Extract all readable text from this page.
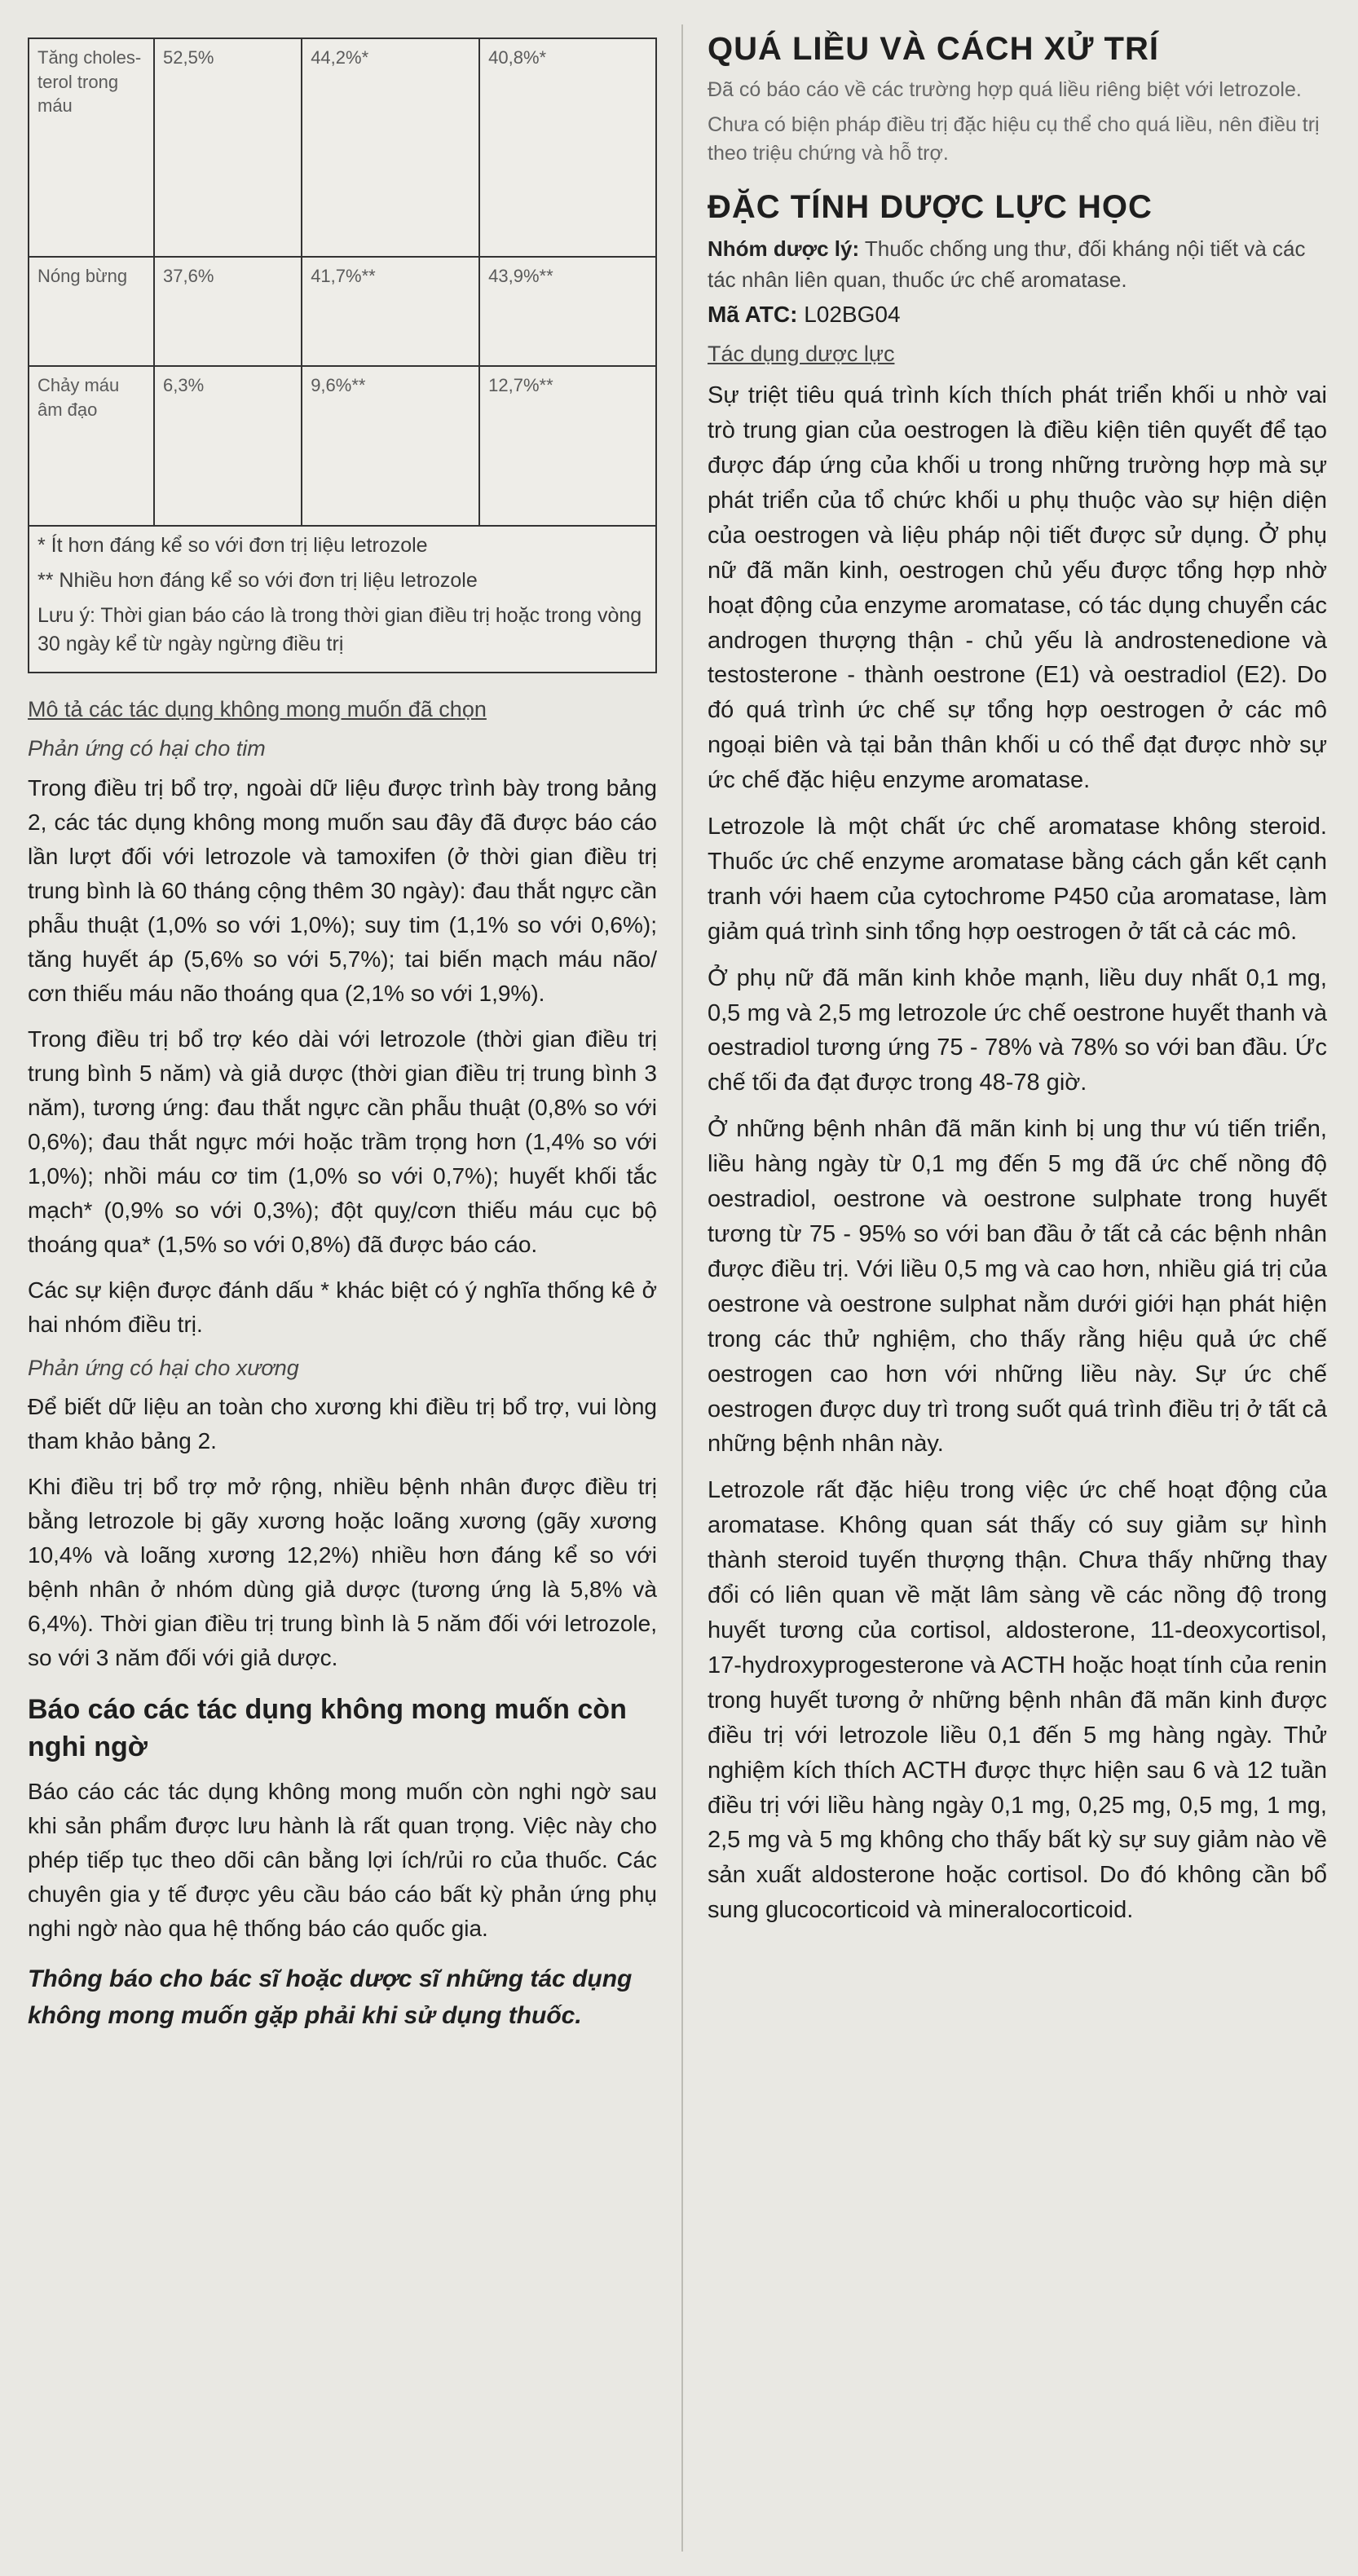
Tăng choles-terol trong máu	52,5%	44,2%*	40,8%*
Nóng bừng	37,6%	41,7%**	43,9%**
Chảy máu âm đạo	6,3%	9,6%**	12,7%**

* Ít hơn đáng kể so với đơn trị liệu letrozole

** Nhiều hơn đáng kể so với đơn trị liệu letrozole

Lưu ý: Thời gian báo cáo là trong thời gian điều trị hoặc trong vòng 30 ngày kể từ ngày ngừng điều trị

Mô tả các tác dụng không mong muốn đã chọn
Phản ứng có hại cho tim

Trong điều trị bổ trợ, ngoài dữ liệu được trình bày trong bảng 2, các tác dụng không mong muốn sau đây đã được báo cáo lần lượt đối với letrozole và tamoxifen (ở thời gian điều trị trung bình là 60 tháng cộng thêm 30 ngày): đau thắt ngực cần phẫu thuật (1,0% so với 1,0%); suy tim (1,1% so với 0,6%); tăng huyết áp (5,6% so với 5,7%); tai biến mạch máu não/ cơn thiếu máu não thoáng qua (2,1% so với 1,9%).

Trong điều trị bổ trợ kéo dài với letrozole (thời gian điều trị trung bình 5 năm) và giả dược (thời gian điều trị trung bình 3 năm), tương ứng: đau thắt ngực cần phẫu thuật (0,8% so với 0,6%); đau thắt ngực mới hoặc trầm trọng hơn (1,4% so với 1,0%); nhồi máu cơ tim (1,0% so với 0,7%); huyết khối tắc mạch* (0,9% so với 0,3%); đột quỵ/cơn thiếu máu cục bộ thoáng qua* (1,5% so với 0,8%) đã được báo cáo.

Các sự kiện được đánh dấu * khác biệt có ý nghĩa thống kê ở hai nhóm điều trị.

Phản ứng có hại cho xương

Để biết dữ liệu an toàn cho xương khi điều trị bổ trợ, vui lòng tham khảo bảng 2.

Khi điều trị bổ trợ mở rộng, nhiều bệnh nhân được điều trị bằng letrozole bị gãy xương hoặc loãng xương (gãy xương 10,4% và loãng xương 12,2%) nhiều hơn đáng kể so với bệnh nhân ở nhóm dùng giả dược (tương ứng là 5,8% và 6,4%). Thời gian điều trị trung bình là 5 năm đối với letrozole, so với 3 năm đối với giả dược.

Báo cáo các tác dụng không mong muốn còn nghi ngờ

Báo cáo các tác dụng không mong muốn còn nghi ngờ sau khi sản phẩm được lưu hành là rất quan trọng. Việc này cho phép tiếp tục theo dõi cân bằng lợi ích/rủi ro của thuốc. Các chuyên gia y tế được yêu cầu báo cáo bất kỳ phản ứng phụ nghi ngờ nào qua hệ thống báo cáo quốc gia.

Thông báo cho bác sĩ hoặc dược sĩ những tác dụng không mong muốn gặp phải khi sử dụng thuốc.
QUÁ LIỀU VÀ CÁCH XỬ TRÍ

Đã có báo cáo về các trường hợp quá liều riêng biệt với letrozole.

Chưa có biện pháp điều trị đặc hiệu cụ thể cho quá liều, nên điều trị theo triệu chứng và hỗ trợ.

ĐẶC TÍNH DƯỢC LỰC HỌC

Nhóm dược lý: Thuốc chống ung thư, đối kháng nội tiết và các tác nhân liên quan, thuốc ức chế aromatase.

Mã ATC: L02BG04

Tác dụng dược lực

Sự triệt tiêu quá trình kích thích phát triển khối u nhờ vai trò trung gian của oestrogen là điều kiện tiên quyết để tạo được đáp ứng của khối u trong những trường hợp mà sự phát triển của tổ chức khối u phụ thuộc vào sự hiện diện của oestrogen và liệu pháp nội tiết được sử dụng. Ở phụ nữ đã mãn kinh, oestrogen chủ yếu được tổng hợp nhờ hoạt động của enzyme aromatase, có tác dụng chuyển các androgen thượng thận - chủ yếu là androstenedione và testosterone - thành oestrone (E1) và oestradiol (E2). Do đó quá trình ức chế sự tổng hợp oestrogen ở các mô ngoại biên và tại bản thân khối u có thể đạt được nhờ sự ức chế đặc hiệu enzyme aromatase.

Letrozole là một chất ức chế aromatase không steroid. Thuốc ức chế enzyme aromatase bằng cách gắn kết cạnh tranh với haem của cytochrome P450 của aromatase, làm giảm quá trình sinh tổng hợp oestrogen ở tất cả các mô.

Ở phụ nữ đã mãn kinh khỏe mạnh, liều duy nhất 0,1 mg, 0,5 mg và 2,5 mg letrozole ức chế oestrone huyết thanh và oestradiol tương ứng 75 - 78% và 78% so với ban đầu. Ức chế tối đa đạt được trong 48-78 giờ.

Ở những bệnh nhân đã mãn kinh bị ung thư vú tiến triển, liều hàng ngày từ 0,1 mg đến 5 mg đã ức chế nồng độ oestradiol, oestrone và oestrone sulphate trong huyết tương từ 75 - 95% so với ban đầu ở tất cả các bệnh nhân được điều trị. Với liều 0,5 mg và cao hơn, nhiều giá trị của oestrone và oestrone sulphat nằm dưới giới hạn phát hiện trong các thử nghiệm, cho thấy rằng hiệu quả ức chế oestrogen cao hơn với những liều này. Sự ức chế oestrogen được duy trì trong suốt quá trình điều trị ở tất cả những bệnh nhân này.

Letrozole rất đặc hiệu trong việc ức chế hoạt động của aromatase. Không quan sát thấy có suy giảm sự hình thành steroid tuyến thượng thận. Chưa thấy những thay đổi có liên quan về mặt lâm sàng về các nồng độ trong huyết tương của cortisol, aldosterone, 11-deoxycortisol, 17-hydroxyprogesterone và ACTH hoặc hoạt tính của renin trong huyết tương ở những bệnh nhân đã mãn kinh được điều trị với letrozole liều 0,1 đến 5 mg hàng ngày. Thử nghiệm kích thích ACTH được thực hiện sau 6 và 12 tuần điều trị với liều hàng ngày 0,1 mg, 0,25 mg, 0,5 mg, 1 mg, 2,5 mg và 5 mg không cho thấy bất kỳ sự suy giảm nào về sản xuất aldosterone hoặc cortisol. Do đó không cần bổ sung glucocorticoid và mineralocorticoid.
